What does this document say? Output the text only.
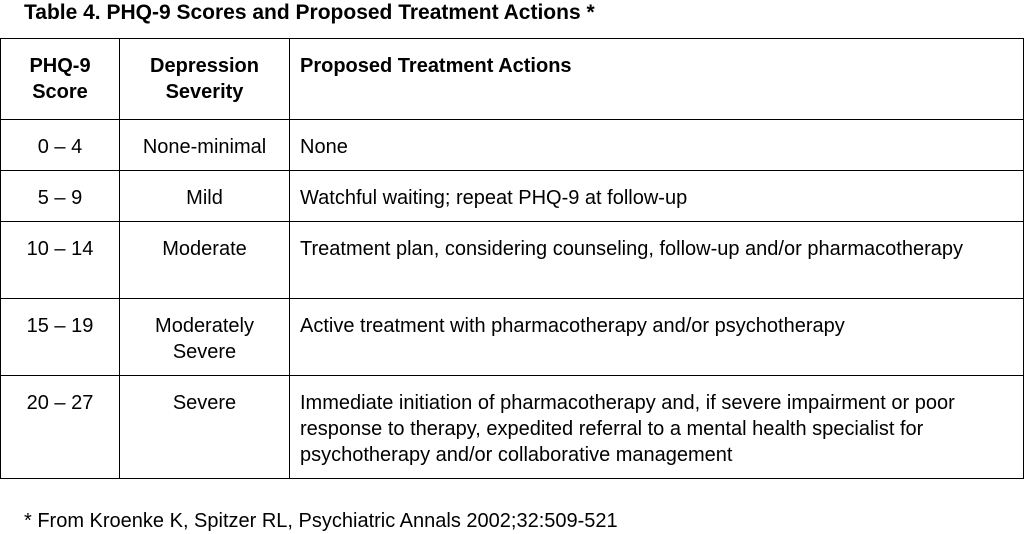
Table 4. PHQ-9 Scores and Proposed Treatment Actions *
PHQ-9 Score	Depression Severity	Proposed Treatment Actions
0 – 4	None-minimal	None
5 – 9	Mild	Watchful waiting; repeat PHQ-9 at follow-up
10 – 14	Moderate	Treatment plan, considering counseling, follow-up and/or pharmacotherapy
15 – 19	Moderately Severe	Active treatment with pharmacotherapy and/or psychotherapy
20 – 27	Severe	Immediate initiation of pharmacotherapy and, if severe impairment or poor response to therapy, expedited referral to a mental health specialist for psychotherapy and/or collaborative management
* From Kroenke K, Spitzer RL, Psychiatric Annals 2002;32:509-521
